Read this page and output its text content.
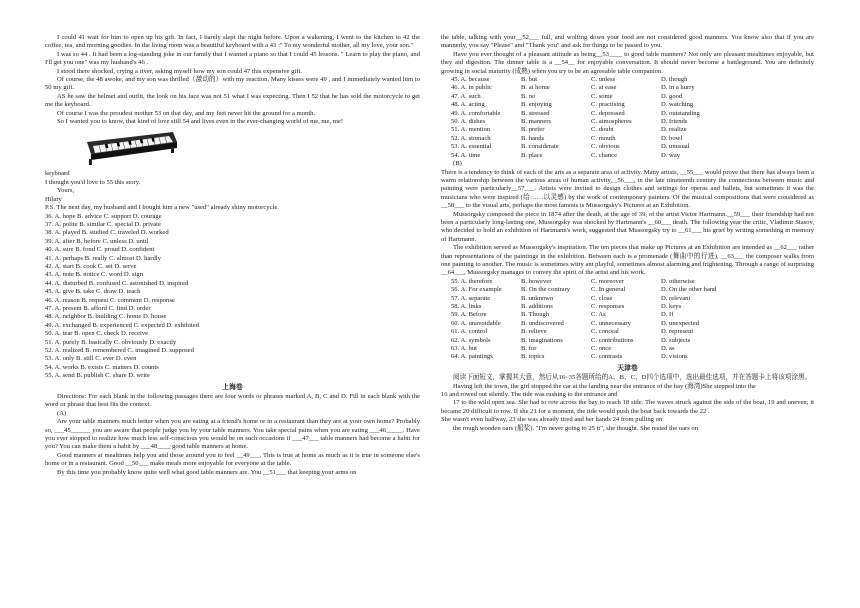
I could 41 wait for him to open up his gift. In fact, I barely slept the night before. Upon a wakening, I went to the kitchen to 42 the coffee, tea, and morning goodies. In the living room was a beautiful keyboard with a 43 :" To my wonderful mother, all my love, your son."

I was so 44 . It had been a log-standing joke in our family that I wanted a piano so that I could 45 lessons. " Learn to play the piano, and I'll get you one" was my husband's 46 .

I stood there shocked, crying a river, asking myself how my son could 47 this expensive gift.

Of course, the 48 awoke, and my son was thrilled（激动的）with my reaction. Many kisses were 49 , and I immediately wanted him to 50 my gift.

AS he saw the helmet and outfit, the look on his face was not 51 what I was expecting. Then I 52 that he has sold the motorcycle to get me the keyboard.

Of course I was the proudest mother 53 on that day, and my feet never hit the ground for a month.

So I wanted you to know, that kind of love still 54 and lives even in the ever-changing world of me, me, me!

keyboard

I thought you'd love to 55 this story.

Yours,

Hilary

P.S. The next day, my husband and I bought him a new "used" already shiny motorcycle.

36. A. hope B. advice C. support D. courage

37. A. polite B. similar C. special D. private

38. A. played B. studied C. traveled D. worked

39. A. after B. before C. unless D. until

40. A. sure B. fond C. proud D. confident

41. A. perhaps B. really C. almost D. hardly

42. A. start B. cook C. set D. serve

43. A. note B. notice C. word D. sign

44. A. disturbed B. confused C. astonished D. inspired

45. A. give B. take C. draw D. teach

46. A. reason B. request C. comment D. response

47. A. present B. afford C. find D. order

48. A. neighbor B. building C. home D. house

49. A. exchanged B. experienced C. expected D. exhibited

50. A. tear B. open C. check D. receive

51. A. purely B. basically C. obviously D. exactly

52. A. realized B. remembered C. imagined D. supposed

53. A. only B. still C. ever D. even

54. A. works B. exists C. matters D. counts

55. A. send B. publish C. share D. write

上海卷

Directions: For each blank in the following passages there are four words or phrases marked A, B, C and D. Fill in each blank with the word or phrase that best fits the context.

(A)

Are your table manners much better when you are eating at a friend's home or in a restaurant than they are at your own home? Probably so, ___45______ you are aware that people judge you by your table manners. You take special pains when you are eating ___46_____. Have you ever stopped to realize how much less self-conscious you would be on such occasions if ___47___ table manners had become a habit for you? You can make them a habit by ___48____ good table manners at home.

Good manners at mealtimes help you and those around you to feel __49___. This is true at home as much as it is true in someone else's home or in a restaurant. Good __50___ make meals more enjoyable for everyone at the table.

By this time you probably know quite well what good table manners are. You __51___ that keeping your arms on

the table, talking with your__52___ full, and wolfing down your food are not considered good manners. You know also that if you are mannerly, you say "Please" and "Thank you" and ask for things to be passed to you.

Have you ever thought of a pleasant attitude as being__53____ to good table manners? Not only are pleasant mealtimes enjoyable, but they aid digestion. The dinner table is a __54__ for enjoyable conversation. It should never become a battleground. You are definitely growing in social maturity (成熟) when you try to be an agreeable table companion.

45. A. because	B. but	C. unless	D. though
46. A. in public	B. at home	C. at ease	D. in a hurry
47. A. such	B. no	C. some	D. good
48. A. acting	B. enjoying	C. practising	D. watching
49. A. comfortable	B. stressed	C. depressed	D. outstanding
50. A. dishes	B. manners	C. atmospheres	D. friends
51. A. mention	B. prefer	C. doubt	D. realize
52. A. stomach	B. hands	C. mouth	D. bowl
53. A. essential	B. considerate	C. obvious	D. unusual
54. A. time	B. place	C. chance	D. way

(B)

There is a tendency to think of each of the arts as a separate area of activity. Many artists, __55___ would prove that there has always been a warm relationship between the various areas of human activity__56___, in the late nineteenth century the connections between music and painting were particularly__57___. Artists were invited to design clothes and settings for operas and ballets, but sometimes it was the musicians who were inspired (给……以灵感) by the work of contemporary painters. Of the musical compositions that were considered as __58___ to the visual arts, perhaps the most famous is Mussorgsky's Pictures at an Exhibition.

Mussorgsky composed the piece in 1874 after the death, at the age of 39, of the artist Victor Hartmann.__59___ their friendship had not been a particularly long-lasting one, Mussorgsky was shocked by Hartmann's __60___ death. The following year the critic, Vladimir Stasov, who decided to hold an exhibition of Hartmann's work, suggested that Mussorgsky try to __61___ his grief by writing something in memory of Hartmann.

The exhibition served as Mussorgsky's inspiration. The ten pieces that make up Pictures at an Exhibition are intended as __62___ rather than representations of the paintings in the exhibition. Between each is a promenade (舞曲中的行进), __63___ the composer walks from one painting to another. The music is sometimes witty ant playful, sometimes almost alarming and frightening. Through a range of surprising __64___, Mussorgsky manages to convey the spirit of the artist and his work.

55. A. therefore	B. however	C. moreover	D. otherwise
56. A. For example	B. On the contrary	C. In general	D. On the other hand
57. A. separate	B. unknown	C. close	D. relevant
58. A. links	B. additions	C. responses	D. keys
59. A. Before	B. Though	C. As	D. If
60. A. unavoidable	B. undiscovered	C. unnecessary	D. unexpected
61. A. control	B. relieve	C. conceal	D. represent
62. A. symbols	B. imaginations	C. contributions	D. subjects
63. A. but	B. for	C. once	D. as
64. A. paintings	B. topics	C. contrasts	D. visions
天津卷

阅读下面短文，掌握其大意，然后从16~35各题所给的A、B、C、D四个选项中，选出最佳选项，并在答题卡上将该项涂黑。

Having left the town, the girl stopped the car at the landing near the entrance of the bay (海湾)She stepped into the

16 and rowed out silently. The tide was rushing to the entrance and

17 to the wild open sea. She had to row across the bay to reach 18 side. The waves struck against the side of the boat, 19 and uneven; it became 20 difficult to row. If she 21 for a moment, the tide would push the boat back towards the 22 .

She wasn't even halfway, 23 she was already tired and her hands 24 from pulling on

the rough wooden oars (船桨). "I'm never going to 25 it", she thought. She rested the oars on
